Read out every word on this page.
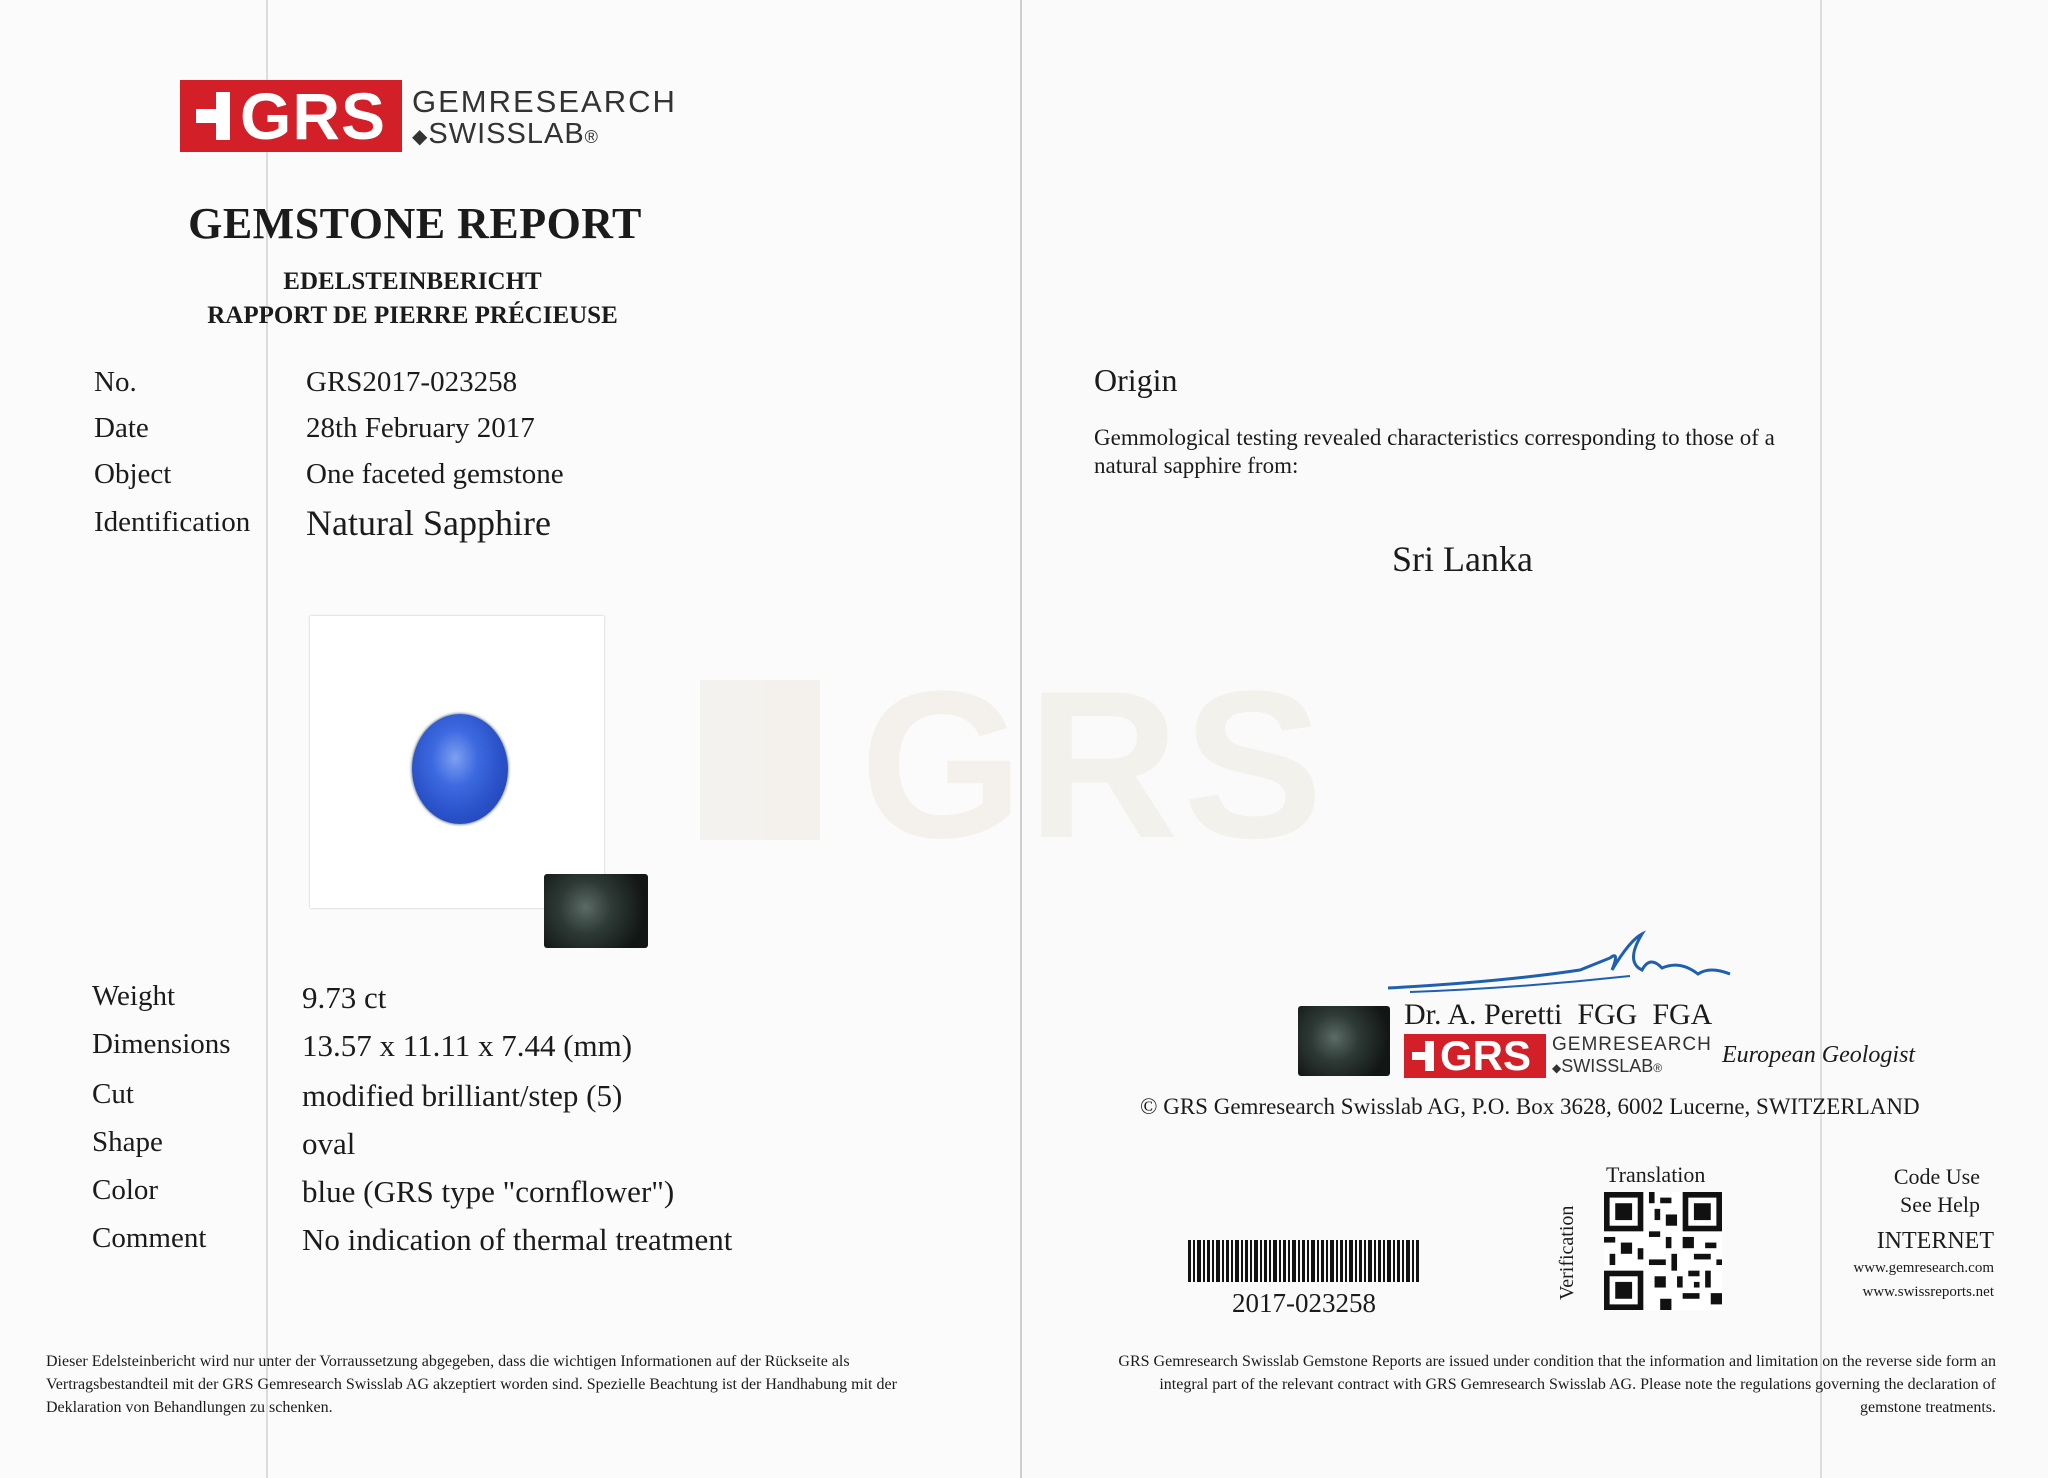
GRS
GRS GEMRESEARCH
◆SWISSLAB®
GEMSTONE REPORT
EDELSTEINBERICHT
RAPPORT DE PIERRE PRÉCIEUSE
No.	GRS2017-023258
Date	28th February 2017
Object	One faceted gemstone
Identification Natural Sapphire
Weight	9.73 ct
Dimensions 13.57 x 11.11 x 7.44 (mm)
Cut	modified brilliant/step (5)
Shape	oval
Color	blue (GRS type "cornflower")
Comment	No indication of thermal treatment
Dieser Edelsteinbericht wird nur unter der Vorraussetzung abgegeben, dass die wichtigen Informationen auf der Rückseite als Vertragsbestandteil mit der GRS Gemresearch Swisslab AG akzeptiert worden sind. Spezielle Beachtung ist der Handhabung mit der Deklaration von Behandlungen zu schenken.
Origin
Gemmological testing revealed characteristics corresponding to those of a natural sapphire from:
Sri Lanka
Dr. A. Peretti  FGG  FGA
GRS GEMRESEARCH
◆SWISSLAB® European Geologist
© GRS Gemresearch Swisslab AG, P.O. Box 3628, 6002 Lucerne, SWITZERLAND
2017-023258
Translation
Verification
Code Use
See Help
INTERNET
www.gemresearch.com
www.swissreports.net
GRS Gemresearch Swisslab Gemstone Reports are issued under condition that the information and limitation on the reverse side form an integral part of the relevant contract with GRS Gemresearch Swisslab AG. Please note the regulations governing the declaration of gemstone treatments.
